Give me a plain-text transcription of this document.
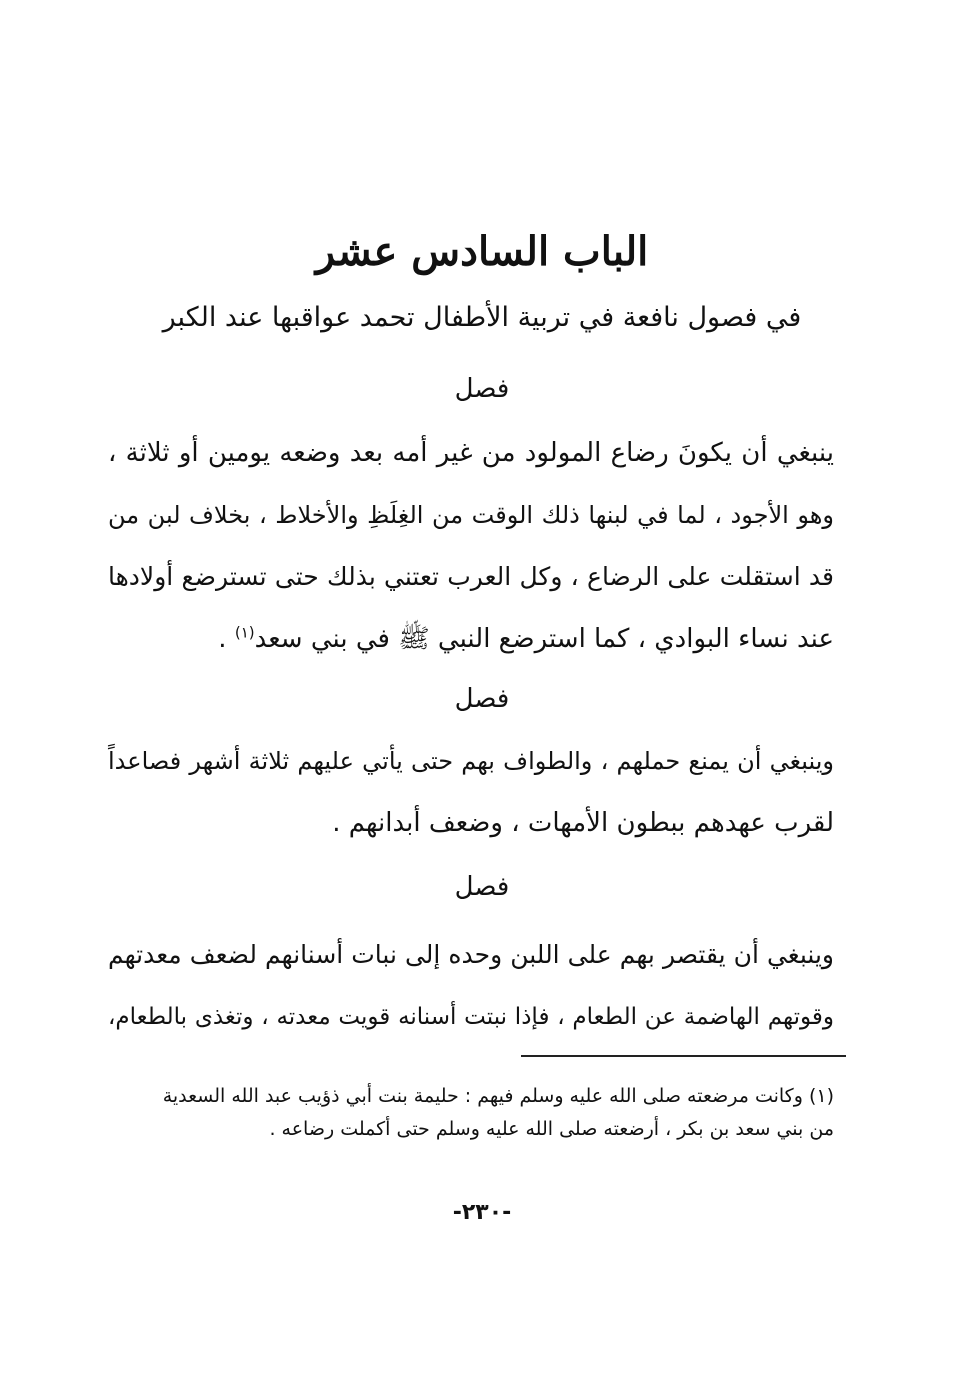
الباب السادس عشر
في فصول نافعة في تربية الأطفال تحمد عواقبها عند الكبر
فصل
ينبغي أن يكونَ رضاع المولود من غير أمه بعد وضعه يومين أو ثلاثة ،
وهو الأجود ، لما في لبنها ذلك الوقت من الغِلَظِ والأخلاط ، بخلاف لبن من
قد استقلت على الرضاع ، وكل العرب تعتني بذلك حتى تسترضع أولادها
عند نساء البوادي ، كما استرضع النبي ﷺ في بني سعد$^{(١)}$ .
فصل
وينبغي أن يمنع حملهم ، والطواف بهم حتى يأتي عليهم ثلاثة أشهر فصاعداً
لقرب عهدهم ببطون الأمهات ، وضعف أبدانهم .
فصل
وينبغي أن يقتصر بهم على اللبن وحده إلى نبات أسنانهم لضعف معدتهم
وقوتهم الهاضمة عن الطعام ، فإذا نبتت أسنانه قويت معدته ، وتغذى بالطعام،
(١) وكانت مرضعته صلى الله عليه وسلم فيهم : حليمة بنت أبي ذؤيب عبد الله السعدية
من بني سعد بن بكر ، أرضعته صلى الله عليه وسلم حتى أكملت رضاعه .
-٢٣٠-
